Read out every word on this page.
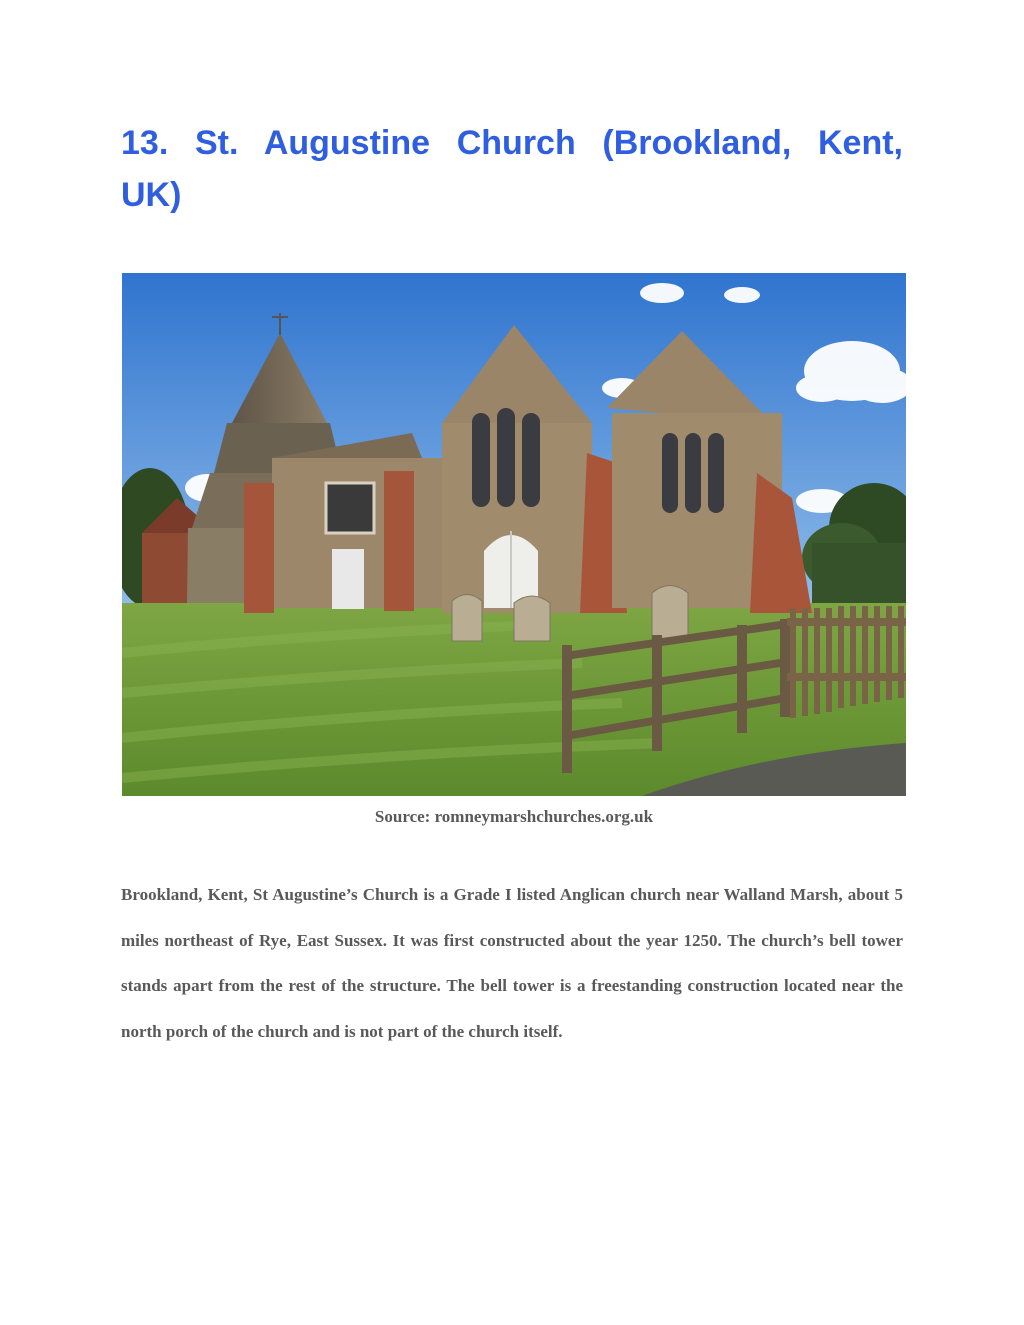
13. St. Augustine Church (Brookland, Kent, UK)

Source: romneymarshchurches.org.uk

Brookland, Kent, St Augustine’s Church is a Grade I listed Anglican church near Walland Marsh, about 5 miles northeast of Rye, East Sussex. It was first constructed about the year 1250. The church’s bell tower stands apart from the rest of the structure. The bell tower is a freestanding construction located near the north porch of the church and is not part of the church itself.
